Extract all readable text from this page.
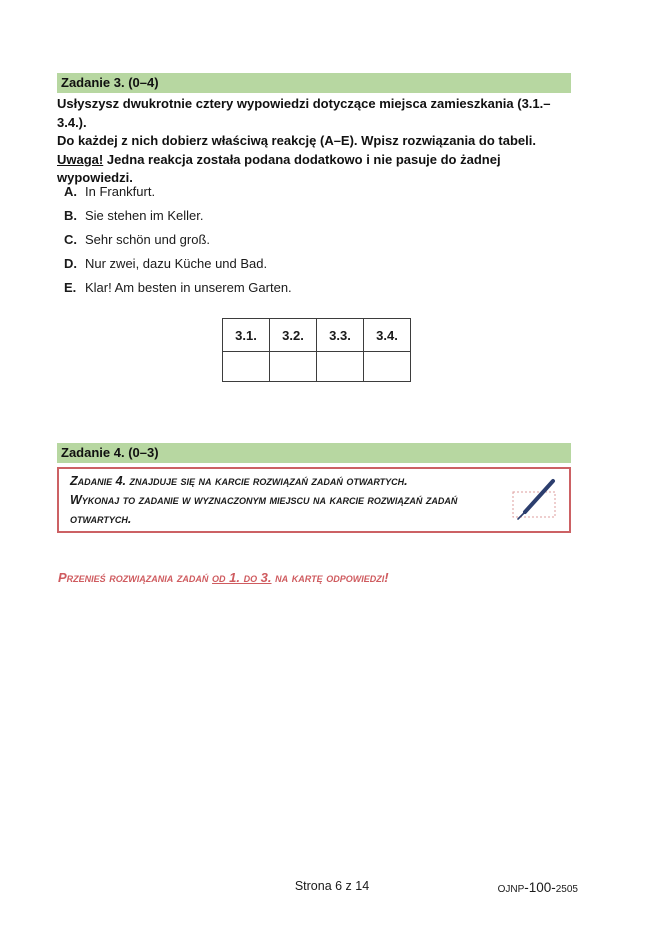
Zadanie 3. (0–4)
Usłyszysz dwukrotnie cztery wypowiedzi dotyczące miejsca zamieszkania (3.1.–3.4.).
Do każdej z nich dobierz właściwą reakcję (A–E). Wpisz rozwiązania do tabeli.
Uwaga! Jedna reakcja została podana dodatkowo i nie pasuje do żadnej wypowiedzi.
A. In Frankfurt.
B. Sie stehen im Keller.
C. Sehr schön und groß.
D. Nur zwei, dazu Küche und Bad.
E. Klar! Am besten in unserem Garten.
3.1.	3.2.	3.3.	3.4.

Zadanie 4. (0–3)
Zadanie 4. znajduje się na karcie rozwiązań zadań otwartych.
Wykonaj to zadanie w wyznaczonym miejscu na karcie rozwiązań zadań otwartych.
Przenieś rozwiązania zadań od 1. do 3. na kartę odpowiedzi!
Strona 6 z 14	OJNP -100- 2505
